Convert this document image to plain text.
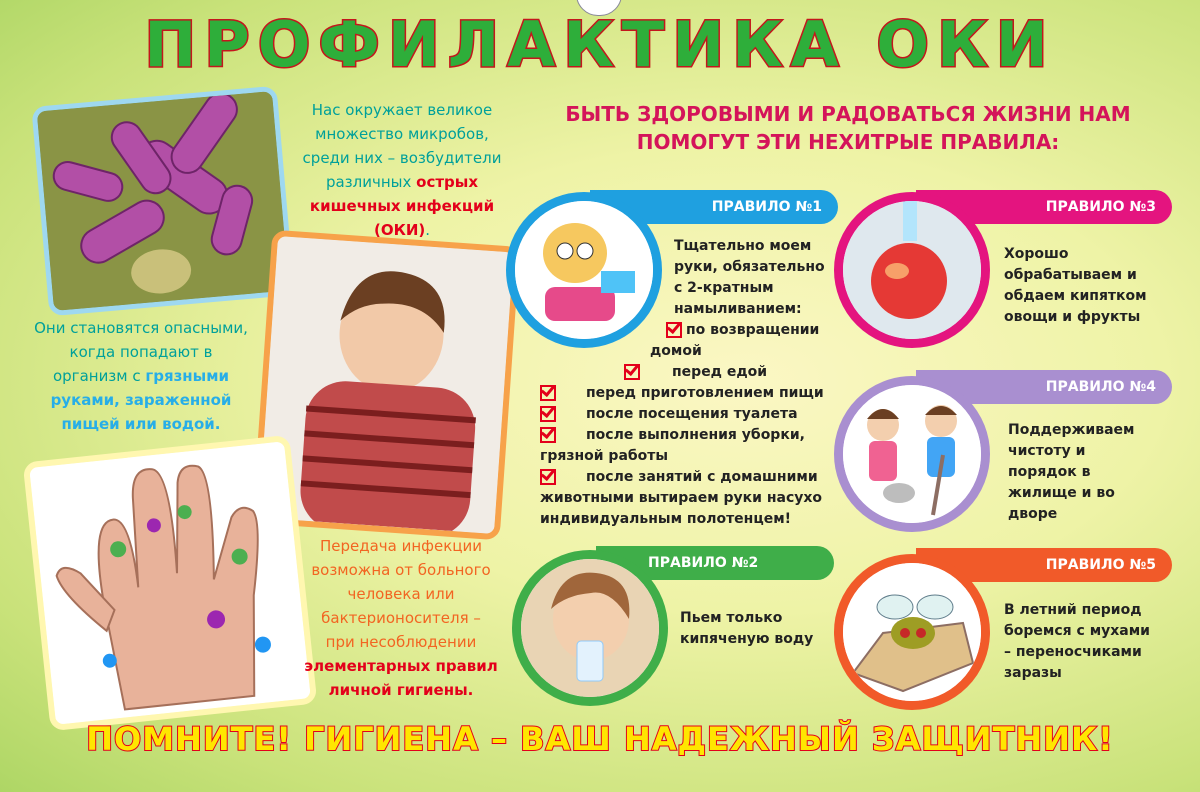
ПРОФИЛАКТИКА ОКИ
БЫТЬ ЗДОРОВЫМИ И РАДОВАТЬСЯ ЖИЗНИ НАМ
ПОМОГУТ ЭТИ НЕХИТРЫЕ ПРАВИЛА:
Нас окружает великое
множество микробов,
среди них – возбудители
различных острых
кишечных инфекций
(ОКИ).
Они становятся опасными,
когда попадают в
организм с грязными
руками, зараженной
пищей или водой.
Передача инфекции
возможна от больного
человека или
бактерионосителя –
при несоблюдении
элементарных правил
личной гигиены.
ПРАВИЛО №1
Тщательно моем
руки, обязательно
с 2-кратным
намыливанием:
по возвращении
домой
перед едой
перед приготовлением пищи
после посещения туалета
после выполнения уборки,
грязной работы
после занятий с домашними
животными вытираем руки насухо
индивидуальным полотенцем!
ПРАВИЛО №2
Пьем только
кипяченую воду
ПРАВИЛО №3
Хорошо
обрабатываем и
обдаем кипятком
овощи и фрукты
ПРАВИЛО №4
Поддерживаем
чистоту и
порядок в
жилище и во
дворе
ПРАВИЛО №5
В летний период
боремся с мухами
– переносчиками
заразы
ПОМНИТЕ! ГИГИЕНА – ВАШ НАДЕЖНЫЙ ЗАЩИТНИК!
